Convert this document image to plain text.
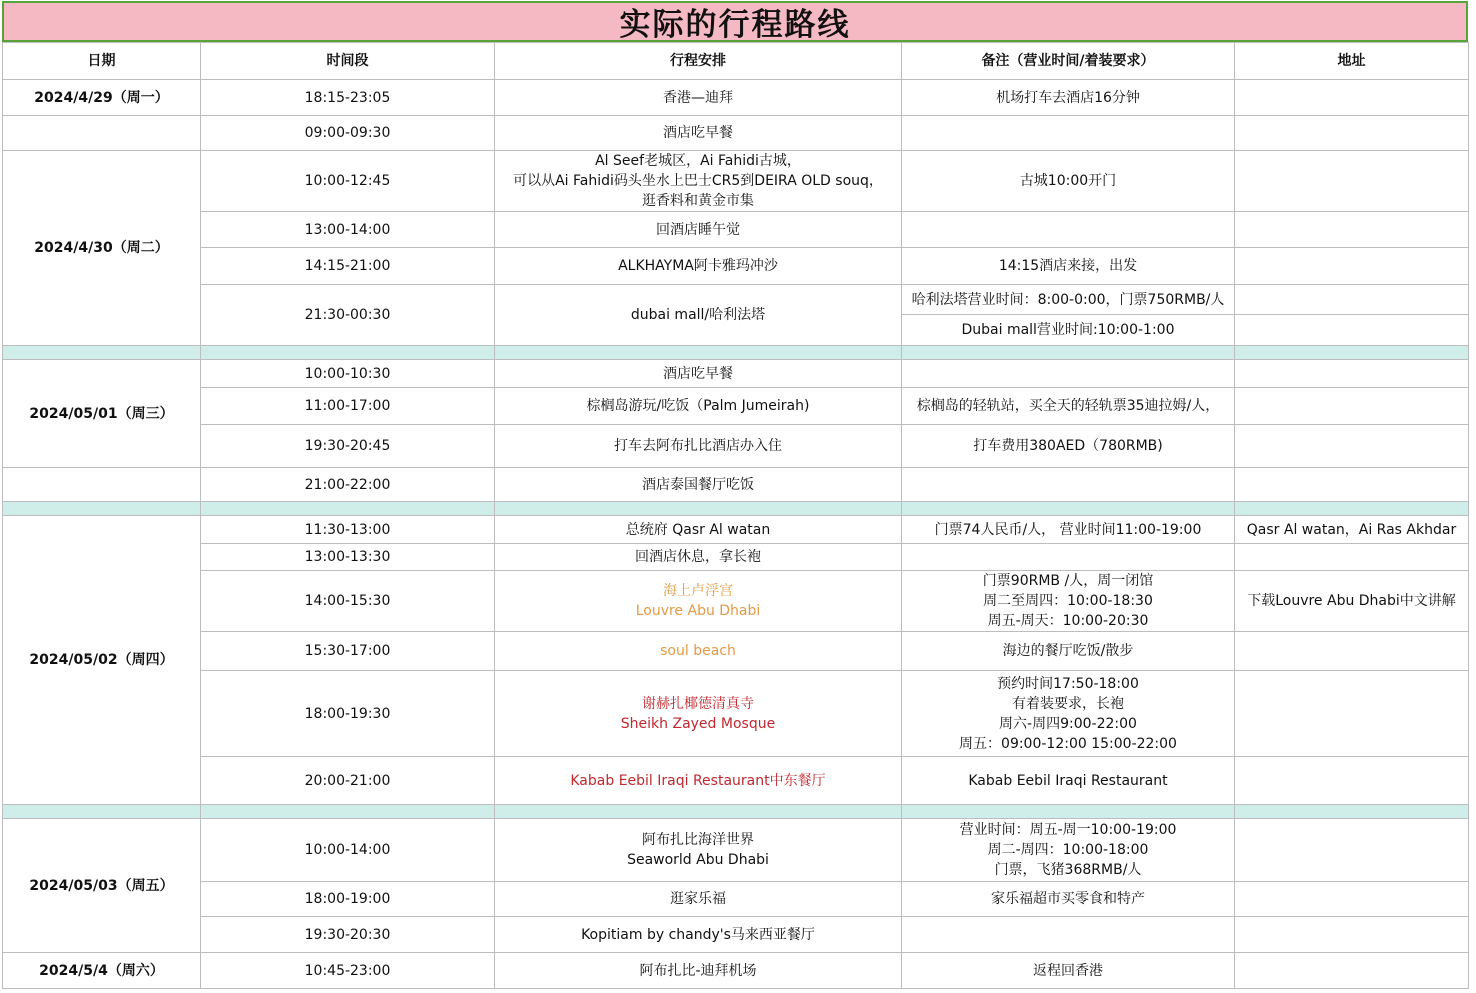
实际的行程路线
日期	时间段	行程安排	备注（营业时间/着装要求）	地址
2024/4/29（周一）	18:15-23:05	香港—迪拜	机场打车去酒店16分钟	

	09:00-09:30	酒店吃早餐		

2024/4/30（周二）	10:00-12:45	Al Seef老城区，Ai Fahidi古城，
可以从Ai Fahidi码头坐水上巴士CR5到DEIRA OLD souq，
逛香料和黄金市集	古城10:00开门	

	13:00-14:00	回酒店睡午觉		

	14:15-21:00	ALKHAYMA阿卡雅玛冲沙	14:15酒店来接，出发	

	21:30-00:30	dubai mall/哈利法塔	哈利法塔营业时间：8:00-0:00，门票750RMB/人	

			Dubai mall营业时间:10:00-1:00	

2024/05/01（周三）	10:00-10:30	酒店吃早餐		

	11:00-17:00	棕榈岛游玩/吃饭（Palm Jumeirah)	棕榈岛的轻轨站，买全天的轻轨票35迪拉姆/人，	

	19:30-20:45	打车去阿布扎比酒店办入住	打车费用380AED（780RMB)	

	21:00-22:00	酒店泰国餐厅吃饭		

2024/05/02（周四）	11:30-13:00	总统府 Qasr Al watan	门票74人民币/人， 营业时间11:00-19:00	Qasr Al watan，Ai Ras Akhdar
	13:00-13:30	回酒店休息，拿长袍		

	14:00-15:30	海上卢浮宫
Louvre Abu Dhabi	门票90RMB /人，周一闭馆
周二至周四：10:00-18:30
周五-周天：10:00-20:30	下载Louvre Abu Dhabi中文讲解
	15:30-17:00	soul beach	海边的餐厅吃饭/散步	

	18:00-19:30	谢赫扎椰德清真寺
Sheikh Zayed Mosque	预约时间17:50-18:00
有着装要求，长袍
周六-周四9:00-22:00
周五：09:00-12:00 15:00-22:00	

	20:00-21:00	Kabab Eebil Iraqi Restaurant中东餐厅	Kabab Eebil Iraqi Restaurant	

2024/05/03（周五）	10:00-14:00	阿布扎比海洋世界
Seaworld Abu Dhabi	营业时间：周五-周一10:00-19:00
周二-周四：10:00-18:00
门票，飞猪368RMB/人	

	18:00-19:00	逛家乐福	家乐福超市买零食和特产	

	19:30-20:30	Kopitiam by chandy's马来西亚餐厅		

2024/5/4（周六）	10:45-23:00	阿布扎比-迪拜机场	返程回香港	
